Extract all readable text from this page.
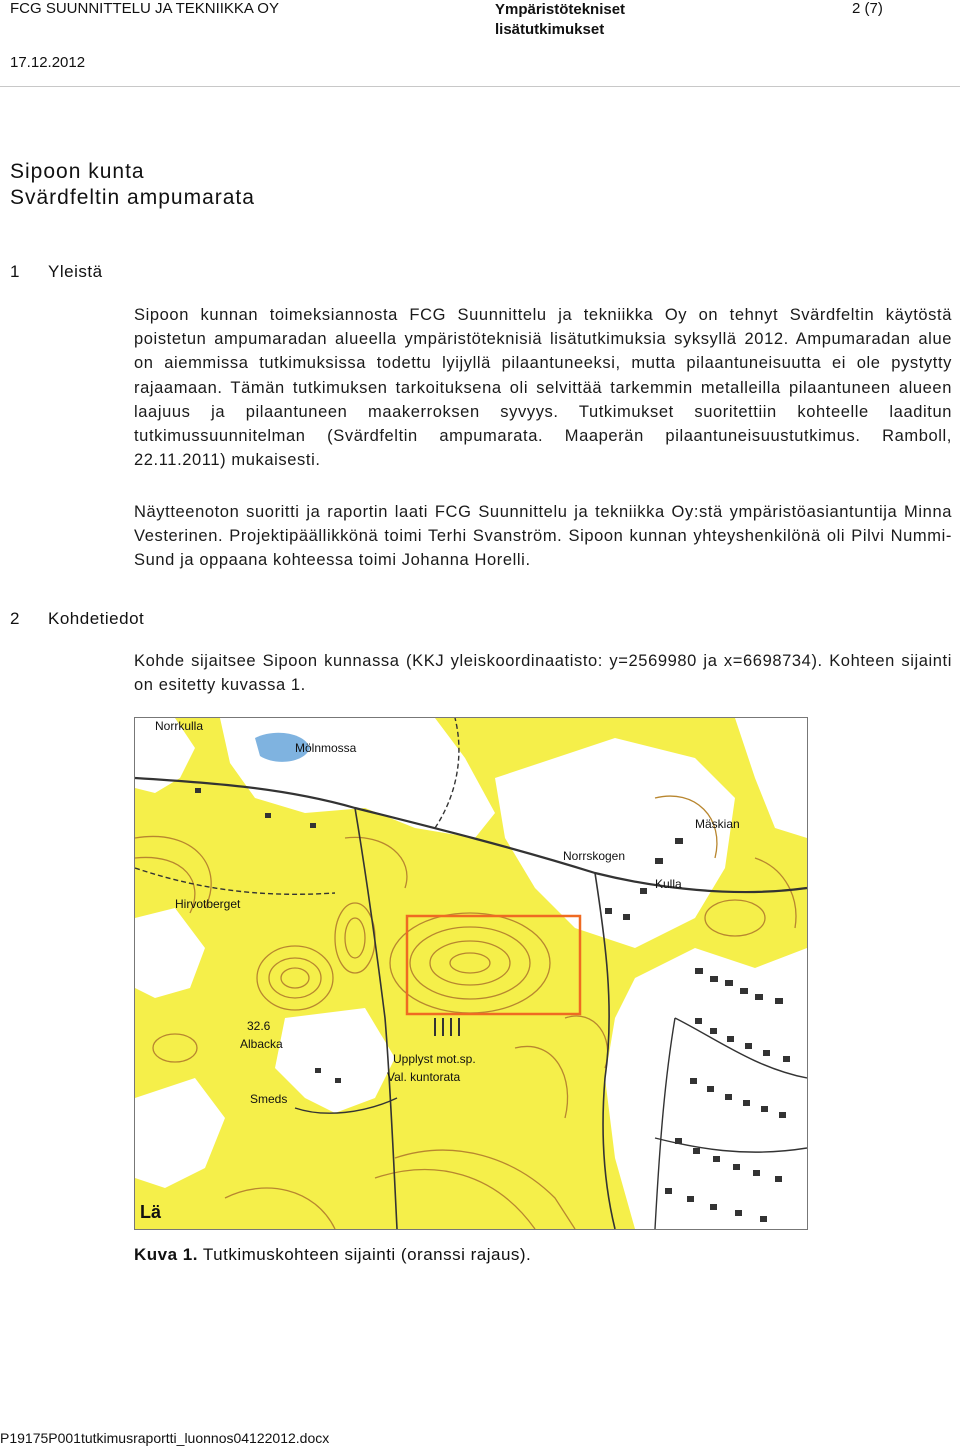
FCG SUUNNITTELU JA TEKNIIKKA OY	Ympäristötekniset
lisätutkimukset
2 (7)
17.12.2012
Sipoon kunta
Svärdfeltin ampumarata
1 Yleistä
Sipoon kunnan toimeksiannosta FCG Suunnittelu ja tekniikka Oy on tehnyt Svärdfeltin käytöstä poistetun ampumaradan alueella ympäristöteknisiä lisätutkimuksia syksyllä 2012. Ampumaradan alue on aiemmissa tutkimuksissa todettu lyijyllä pilaantuneeksi, mutta pilaantuneisuutta ei ole pystytty rajaamaan. Tämän tutkimuksen tarkoituksena oli selvittää tarkemmin metalleilla pilaantuneen alueen laajuus ja pilaantuneen maakerroksen syvyys. Tutkimukset suoritettiin kohteelle laaditun tutkimussuunnitelman (Svärdfeltin ampumarata. Maaperän pilaantuneisuustutkimus. Ramboll, 22.11.2011) mukaisesti.
Näytteenoton suoritti ja raportin laati FCG Suunnittelu ja tekniikka Oy:stä ympäristöasiantuntija Minna Vesterinen. Projektipäällikkönä toimi Terhi Svanström. Sipoon kunnan yhteyshenkilönä oli Pilvi Nummi-Sund ja oppaana kohteessa toimi Johanna Horelli.
2 Kohdetiedot
Kohde sijaitsee Sipoon kunnassa (KKJ yleiskoordinaatisto: y=2569980 ja x=6698734). Kohteen sijainti on esitetty kuvassa 1.
Norrkulla
Mölnmossa
Mäskian
Kulla
Norrskogen
Hirvotberget
32.6
Albacka
Upplyst mot.sp.
Val. kuntorata
Smeds
Lä
Kuva 1. Tutkimuskohteen sijainti (oranssi rajaus).
P19175P001tutkimusraportti_luonnos04122012.docx
